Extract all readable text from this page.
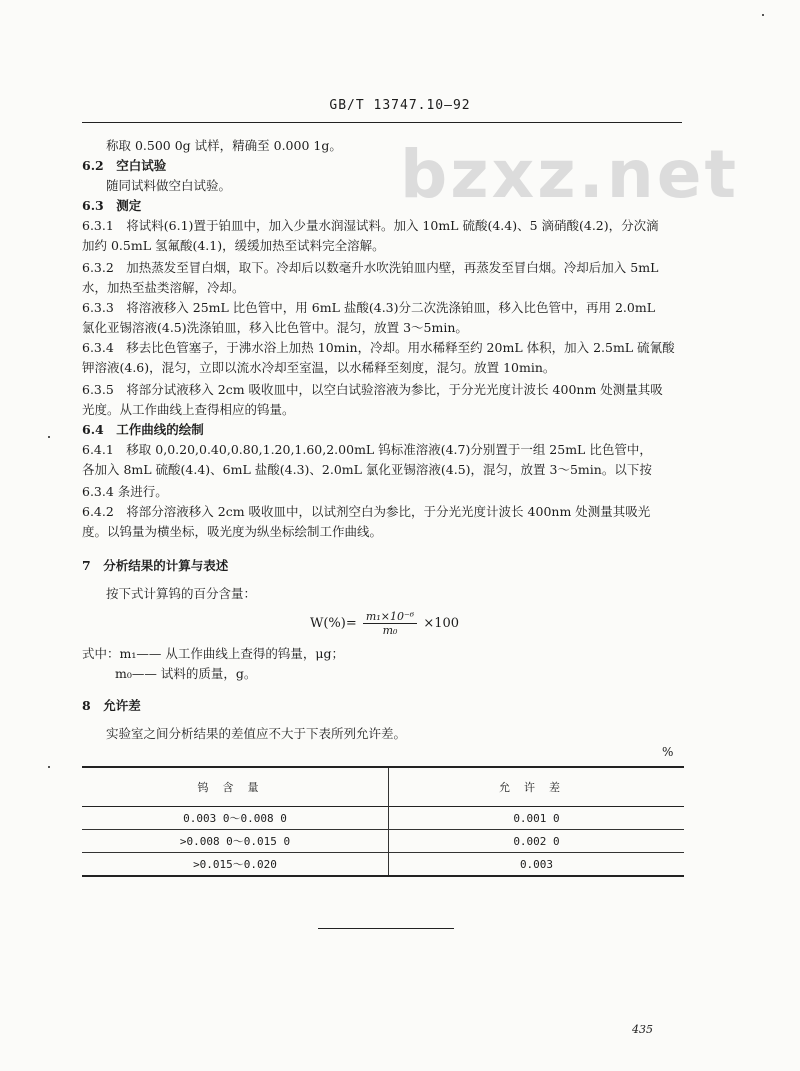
GB/T 13747.10—92
bzxz.net
称取 0.500 0g 试样，精确至 0.000 1g。
6.2　空白试验
随同试料做空白试验。
6.3　测定
6.3.1　将试料(6.1)置于铂皿中，加入少量水润湿试料。加入 10mL 硫酸(4.4)、5 滴硝酸(4.2)，分次滴
加约 0.5mL 氢氟酸(4.1)，缓缓加热至试料完全溶解。
6.3.2　加热蒸发至冒白烟，取下。冷却后以数毫升水吹洗铂皿内壁，再蒸发至冒白烟。冷却后加入 5mL
水，加热至盐类溶解，冷却。
6.3.3　将溶液移入 25mL 比色管中，用 6mL 盐酸(4.3)分二次洗涤铂皿，移入比色管中，再用 2.0mL
氯化亚锡溶液(4.5)洗涤铂皿，移入比色管中。混匀，放置 3～5min。
6.3.4　移去比色管塞子，于沸水浴上加热 10min，冷却。用水稀释至约 20mL 体积，加入 2.5mL 硫氰酸
钾溶液(4.6)，混匀，立即以流水冷却至室温，以水稀释至刻度，混匀。放置 10min。
6.3.5　将部分试液移入 2cm 吸收皿中，以空白试验溶液为参比，于分光光度计波长 400nm 处测量其吸
光度。从工作曲线上查得相应的钨量。
6.4　工作曲线的绘制
6.4.1　移取 0,0.20,0.40,0.80,1.20,1.60,2.00mL 钨标准溶液(4.7)分别置于一组 25mL 比色管中，
各加入 8mL 硫酸(4.4)、6mL 盐酸(4.3)、2.0mL 氯化亚锡溶液(4.5)，混匀，放置 3～5min。以下按
6.3.4 条进行。
6.4.2　将部分溶液移入 2cm 吸收皿中，以试剂空白为参比，于分光光度计波长 400nm 处测量其吸光
度。以钨量为横坐标，吸光度为纵坐标绘制工作曲线。
7　分析结果的计算与表述
按下式计算钨的百分含量：
$W(\%)= \frac{\text{m₁×10⁻⁶}}{\text{m₀}} \times 100$
式中：m₁—— 从工作曲线上查得的钨量，μg；
m₀—— 试料的质量，g。
8　允许差
实验室之间分析结果的差值应不大于下表所列允许差。
%
钨含量	允许差
0.003 0～0.008 0	0.001 0
>0.008 0～0.015 0	0.002 0
>0.015～0.020	0.003
435
